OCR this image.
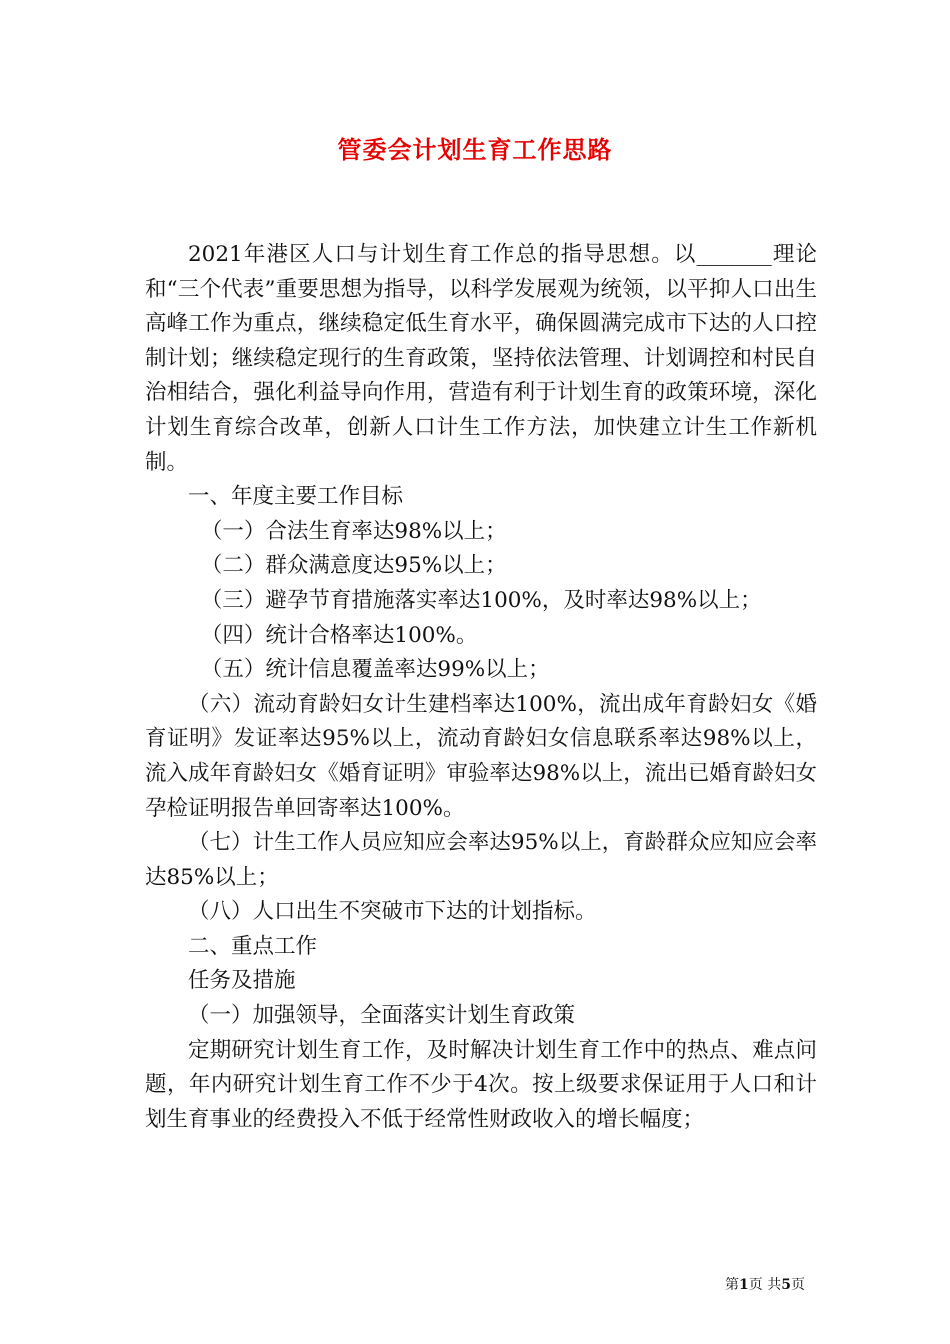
管委会计划生育工作思路

2021年港区人口与计划生育工作总的指导思想。以_______理论和“三个代表”重要思想为指导，以科学发展观为统领，以平抑人口出生高峰工作为重点，继续稳定低生育水平，确保圆满完成市下达的人口控制计划；继续稳定现行的生育政策，坚持依法管理、计划调控和村民自治相结合，强化利益导向作用，营造有利于计划生育的政策环境，深化计划生育综合改革，创新人口计生工作方法，加快建立计生工作新机制。

一、年度主要工作目标

（一）合法生育率达98%以上；

（二）群众满意度达95%以上；

（三）避孕节育措施落实率达100%，及时率达98%以上；

（四）统计合格率达100%。

（五）统计信息覆盖率达99%以上；

（六）流动育龄妇女计生建档率达100%，流出成年育龄妇女《婚育证明》发证率达95%以上，流动育龄妇女信息联系率达98%以上，流入成年育龄妇女《婚育证明》审验率达98%以上，流出已婚育龄妇女孕检证明报告单回寄率达100%。

（七）计生工作人员应知应会率达95%以上，育龄群众应知应会率达85%以上；

（八）人口出生不突破市下达的计划指标。

二、重点工作

任务及措施

（一）加强领导，全面落实计划生育政策

定期研究计划生育工作，及时解决计划生育工作中的热点、难点问题，年内研究计划生育工作不少于4次。按上级要求保证用于人口和计划生育事业的经费投入不低于经常性财政收入的增长幅度；

第1页 共5页
